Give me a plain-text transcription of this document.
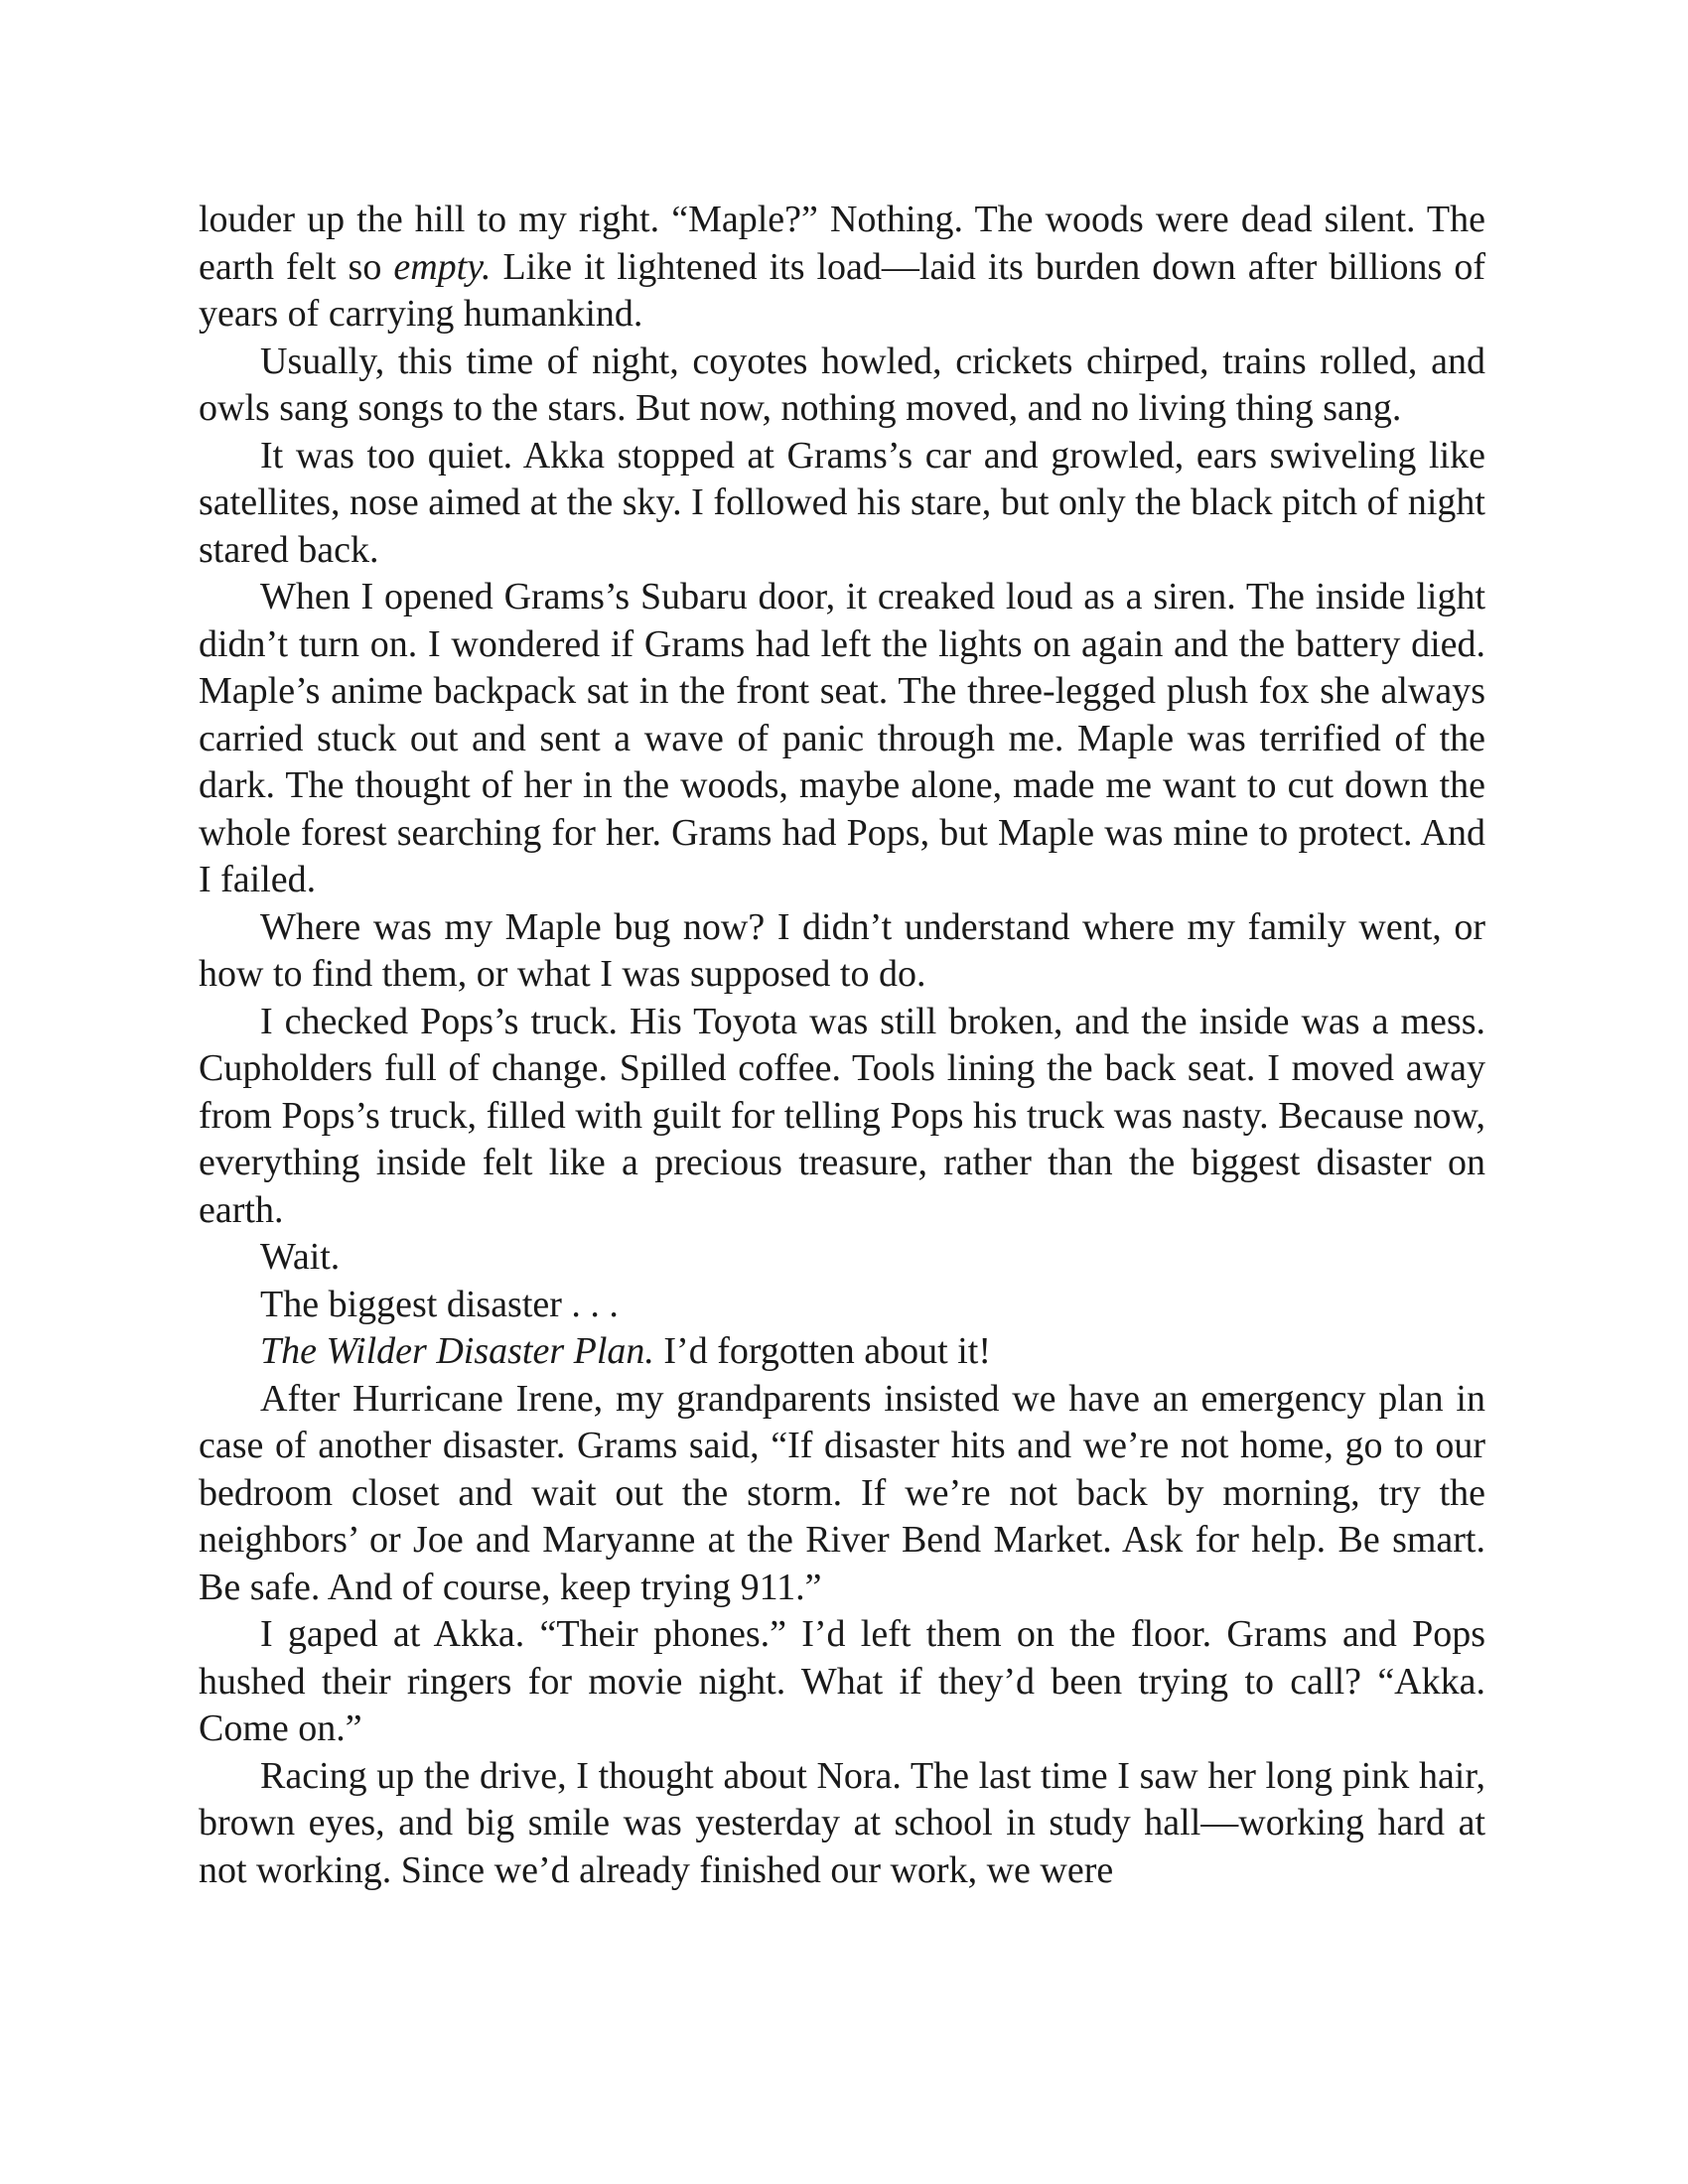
louder up the hill to my right. “Maple?” Nothing. The woods were dead silent. The earth felt so empty. Like it lightened its load—laid its burden down after billions of years of carrying humankind.

Usually, this time of night, coyotes howled, crickets chirped, trains rolled, and owls sang songs to the stars. But now, nothing moved, and no living thing sang.

It was too quiet. Akka stopped at Grams’s car and growled, ears swiveling like satellites, nose aimed at the sky. I followed his stare, but only the black pitch of night stared back.

When I opened Grams’s Subaru door, it creaked loud as a siren. The inside light didn’t turn on. I wondered if Grams had left the lights on again and the battery died. Maple’s anime backpack sat in the front seat. The three-legged plush fox she always carried stuck out and sent a wave of panic through me. Maple was terrified of the dark. The thought of her in the woods, maybe alone, made me want to cut down the whole forest searching for her. Grams had Pops, but Maple was mine to protect. And I failed.

Where was my Maple bug now? I didn’t understand where my family went, or how to find them, or what I was supposed to do.

I checked Pops’s truck. His Toyota was still broken, and the inside was a mess. Cupholders full of change. Spilled coffee. Tools lining the back seat. I moved away from Pops’s truck, filled with guilt for telling Pops his truck was nasty. Because now, everything inside felt like a precious treasure, rather than the biggest disaster on earth.

Wait.

The biggest disaster . . .

The Wilder Disaster Plan. I’d forgotten about it!

After Hurricane Irene, my grandparents insisted we have an emergency plan in case of another disaster. Grams said, “If disaster hits and we’re not home, go to our bedroom closet and wait out the storm. If we’re not back by morning, try the neighbors’ or Joe and Maryanne at the River Bend Market. Ask for help. Be smart. Be safe. And of course, keep trying 911.”

I gaped at Akka. “Their phones.” I’d left them on the floor. Grams and Pops hushed their ringers for movie night. What if they’d been trying to call? “Akka. Come on.”

Racing up the drive, I thought about Nora. The last time I saw her long pink hair, brown eyes, and big smile was yesterday at school in study hall—working hard at not working. Since we’d already finished our work, we were
